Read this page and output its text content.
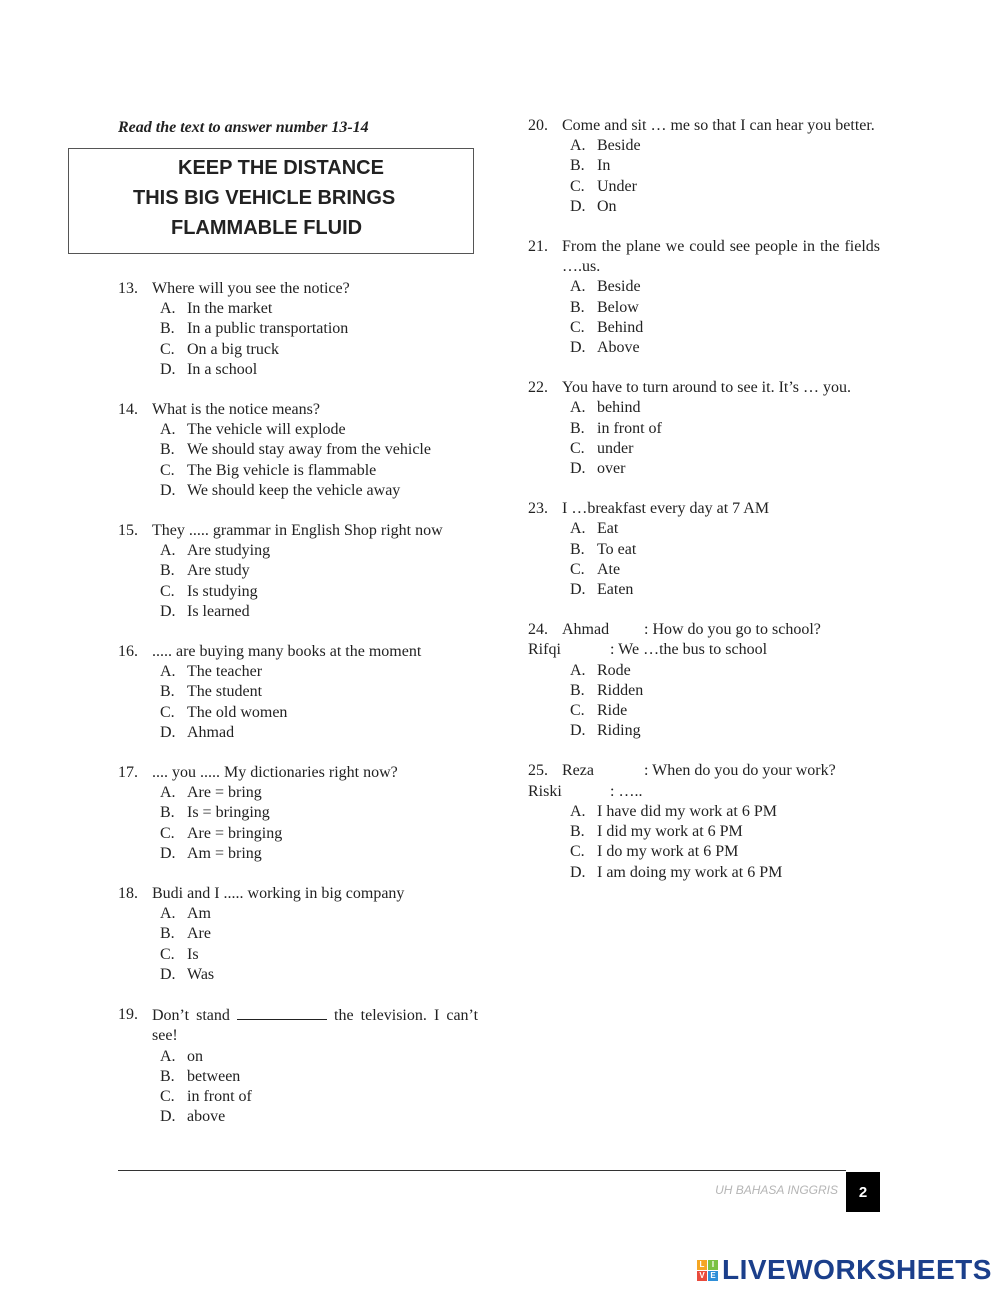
Read the text to answer number 13-14

13. Where will you see the notice?
A. In the market
B. In a public transportation
C. On a big truck
D. In a school
14. What is the notice means?
A. The vehicle will explode
B. We should stay away from the vehicle
C. The Big vehicle is flammable
D. We should keep the vehicle away
15. They ..... grammar in English Shop right now
A. Are studying
B. Are study
C. Is studying
D. Is learned
16. ..... are buying many books at the moment
A. The teacher
B. The student
C. The old women
D. Ahmad
17. .... you ..... My dictionaries right now?
A. Are = bring
B. Is = bringing
C. Are = bringing
D. Am = bring
18. Budi and I ..... working in big company
A. Am
B. Are
C. Is
D. Was
19. Don’t stand	the television. I can’t see!
A. on
B. between
C. in front of
D. above
KEEP THE DISTANCE
THIS BIG VEHICLE BRINGS
FLAMMABLE FLUID
20. Come and sit … me so that I can hear you better.
A. Beside
B. In
C. Under
D. On
21. From the plane we could see people in the fields ….us.
A. Beside
B. Below
C. Behind
D. Above
22. You have to turn around to see it. It’s … you.
A. behind
B. in front of
C. under
D. over
23. I …breakfast every day at 7 AM
A. Eat
B. To eat
C. Ate
D. Eaten
24. Ahmad	: How do you go to school?
Rifqi	: We …the bus to school
A. Rode
B. Ridden
C. Ride
D. Riding
25. Reza	: When do you do your work?
Riski	: …..
A. I have did my work at 6 PM
B. I did my work at 6 PM
C. I do my work at 6 PM
D. I am doing my work at 6 PM
UH BAHASA INGGRIS	2
L I
V E LIVEWORKSHEETS
